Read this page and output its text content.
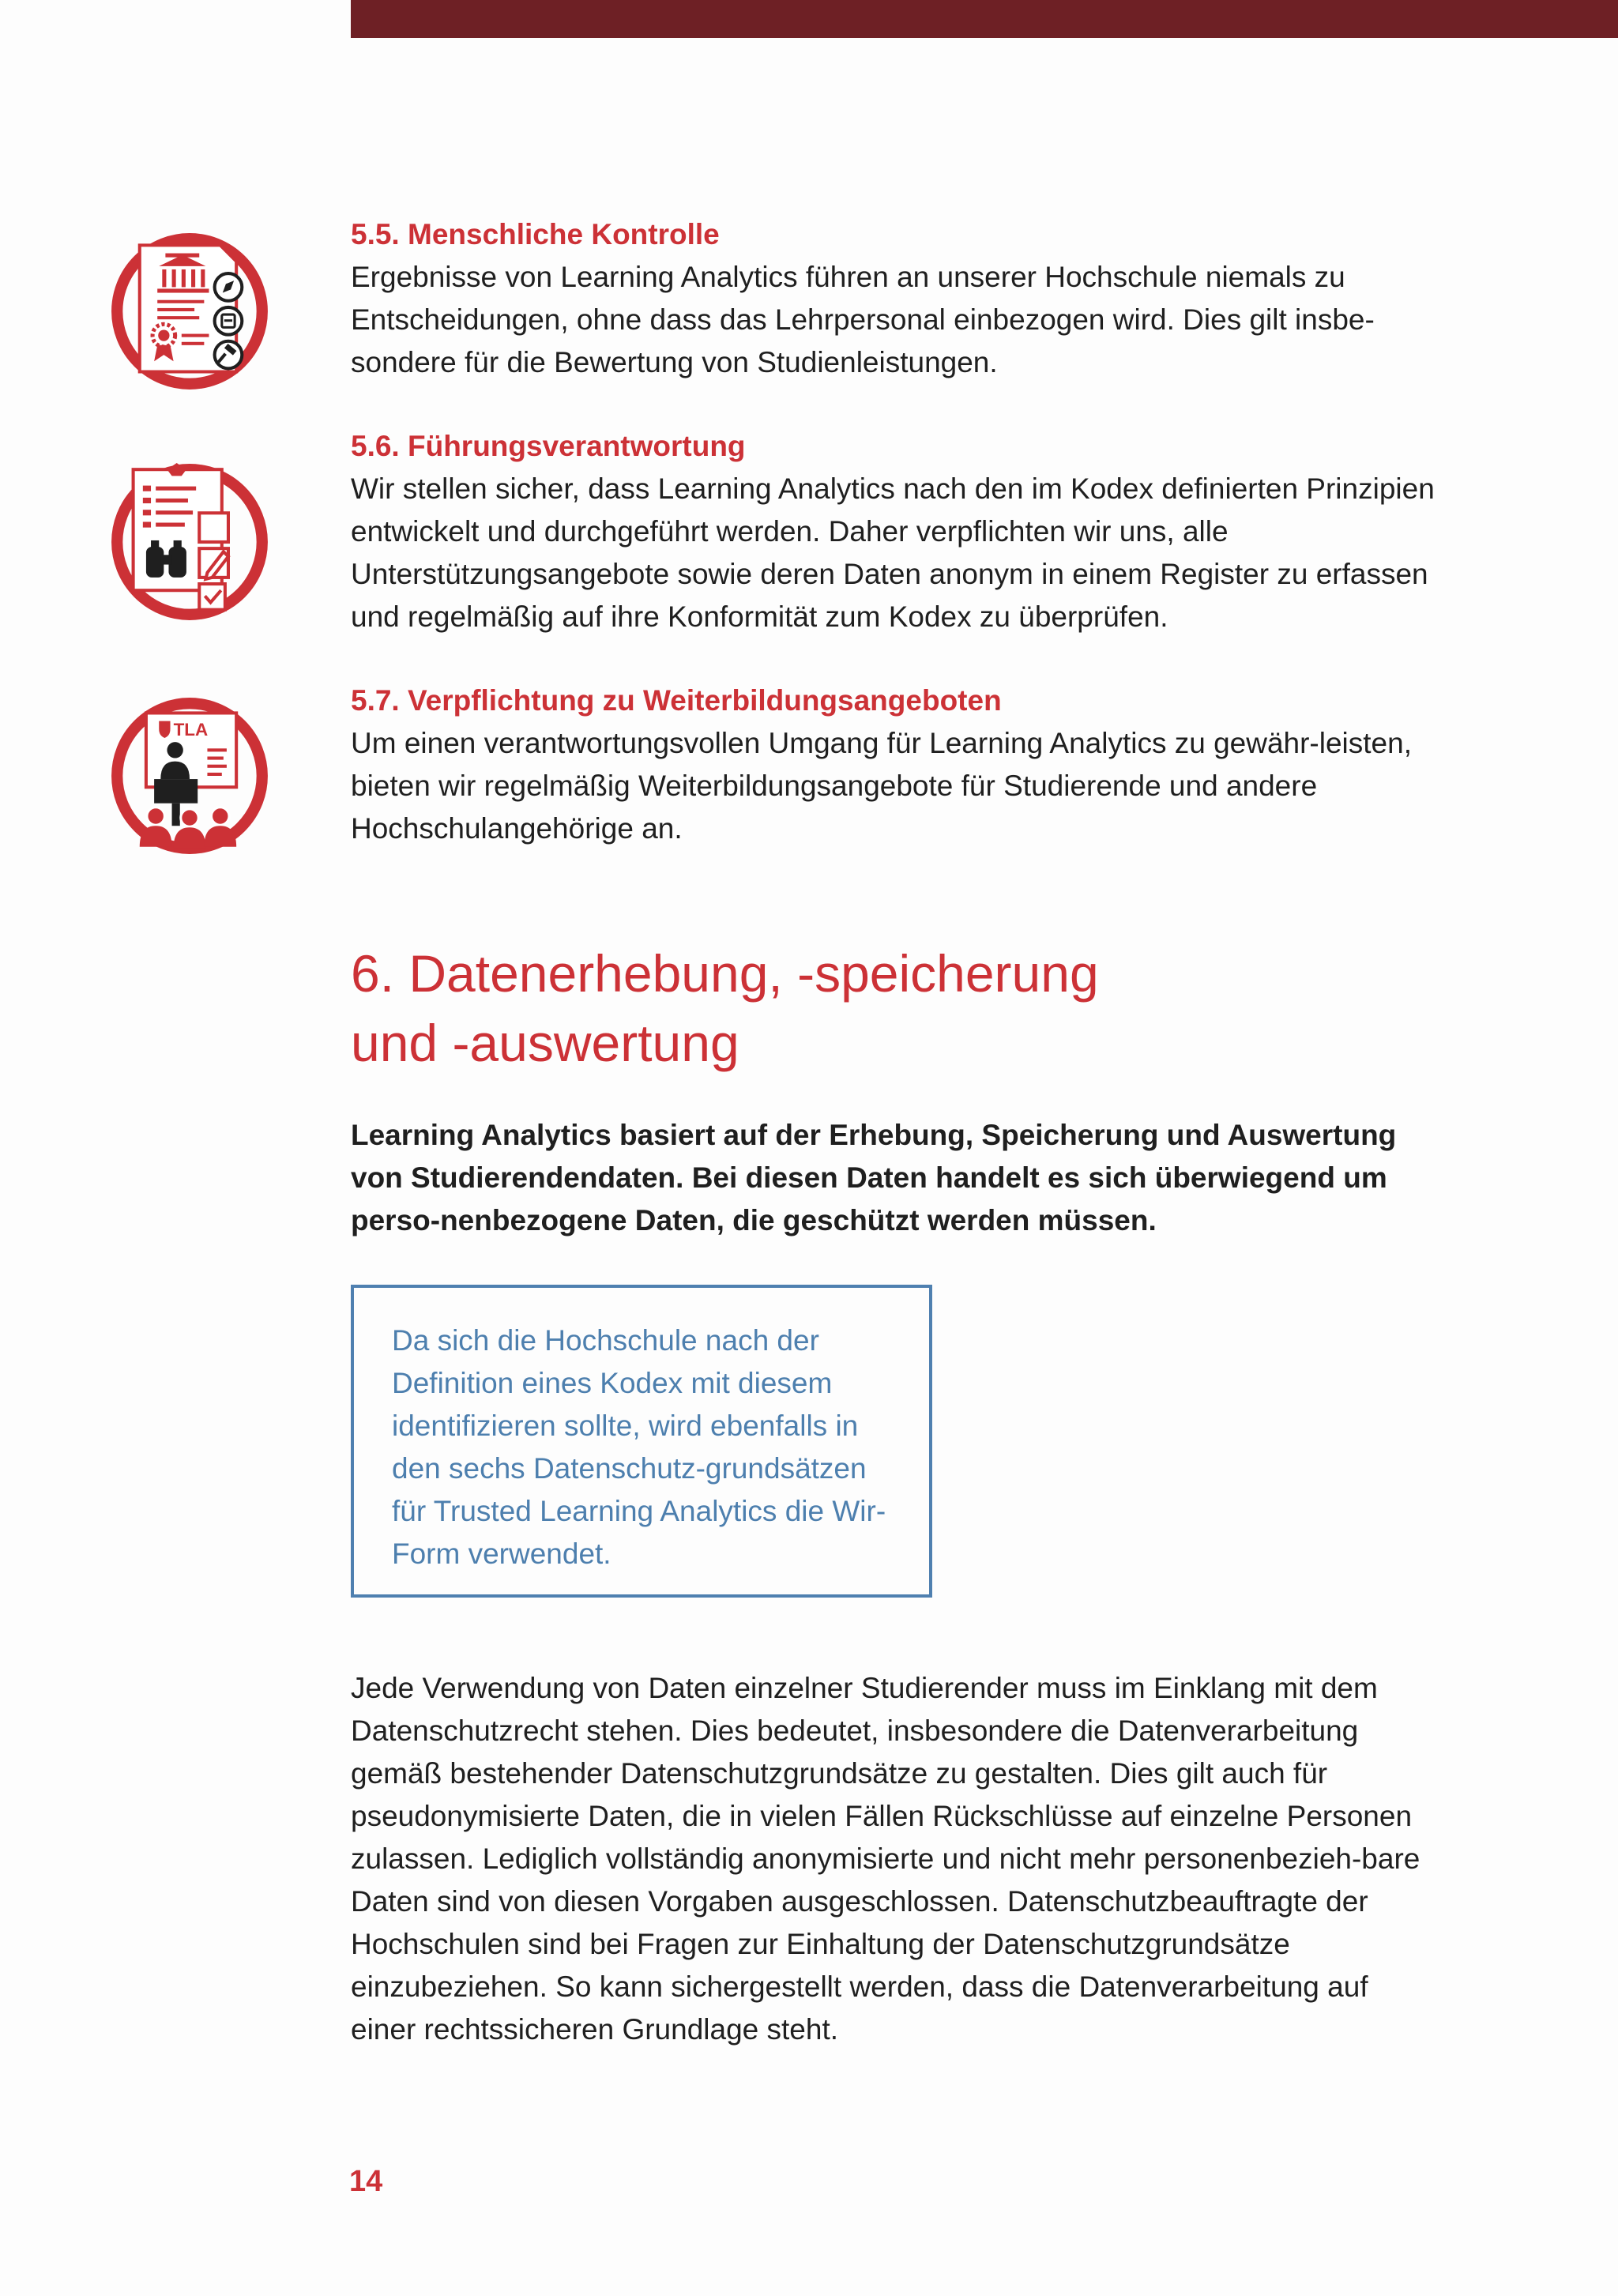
TLA
5.5. Menschliche Kontrolle

Ergebnisse von Learning Analytics führen an unserer Hochschule niemals zu Entscheidungen, ohne dass das Lehrpersonal einbezogen wird. Dies gilt insbe-sondere für die Bewertung von Studienleistungen.

5.6. Führungsverantwortung

Wir stellen sicher, dass Learning Analytics nach den im Kodex definierten Prinzipien entwickelt und durchgeführt werden. Daher verpflichten wir uns, alle Unterstützungsangebote sowie deren Daten anonym in einem Register zu erfassen und regelmäßig auf ihre Konformität zum Kodex zu überprüfen.

5.7. Verpflichtung zu Weiterbildungsangeboten

Um einen verantwortungsvollen Umgang für Learning Analytics zu gewähr-leisten, bieten wir regelmäßig Weiterbildungsangebote für Studierende und andere Hochschulangehörige an.

6. Datenerhebung, -speicherung
und -auswertung

Learning Analytics basiert auf der Erhebung, Speicherung und Auswertung von Studierendendaten. Bei diesen Daten handelt es sich überwiegend um perso-nenbezogene Daten, die geschützt werden müssen.

Da sich die Hochschule nach der Definition eines Kodex mit diesem identifizieren sollte, wird ebenfalls in den sechs Datenschutz-grundsätzen für Trusted Learning Analytics die Wir-Form verwendet.

Jede Verwendung von Daten einzelner Studierender muss im Einklang mit dem Datenschutzrecht stehen. Dies bedeutet, insbesondere die Datenverarbeitung gemäß bestehender Datenschutzgrundsätze zu gestalten. Dies gilt auch für pseudonymisierte Daten, die in vielen Fällen Rückschlüsse auf einzelne Personen zulassen. Lediglich vollständig anonymisierte und nicht mehr personenbezieh-bare Daten sind von diesen Vorgaben ausgeschlossen. Datenschutzbeauftragte der Hochschulen sind bei Fragen zur Einhaltung der Datenschutzgrundsätze einzubeziehen. So kann sichergestellt werden, dass die Datenverarbeitung auf einer rechtssicheren Grundlage steht.

14
